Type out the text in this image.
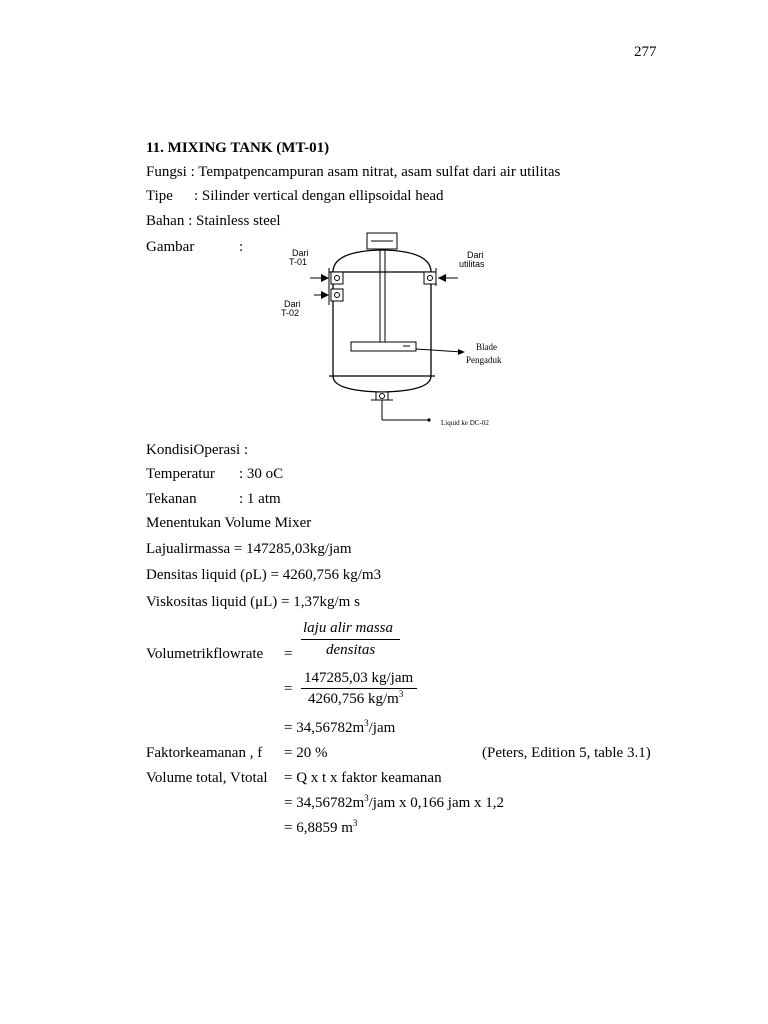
277
11. MIXING TANK (MT-01)
Fungsi : Tempatpencampuran asam nitrat, asam sulfat dari air utilitas
Tipe : Silinder vertical dengan ellipsoidal head
Bahan : Stainless steel
Gambar	:	Dari
T-01
Dari
T-02
Dari
utilitas
Blade
Pengaduk
Liquid ke DC-02
KondisiOperasi :
Temperatur : 30 oC
Tekanan	: 1 atm
Menentukan Volume Mixer
Lajualirmassa = 147285,03kg/jam
Densitas liquid (ρL) = 4260,756 kg/m3
Viskositas liquid (μL) = 1,37kg/m s
laju alir massa
densitas
Volumetrikflowrate =
147285,03 kg/jam
=
4260,756 $kg/m^3$
= $34,56782m^3$/jam
Faktorkeamanan , f = 20 %	(Peters, Edition 5, table 3.1)
Volume total, Vtotal = Q x t x faktor keamanan
= $34,56782m^3$/jam x 0,166 jam x 1,2
= 6,8859 $m^3$
